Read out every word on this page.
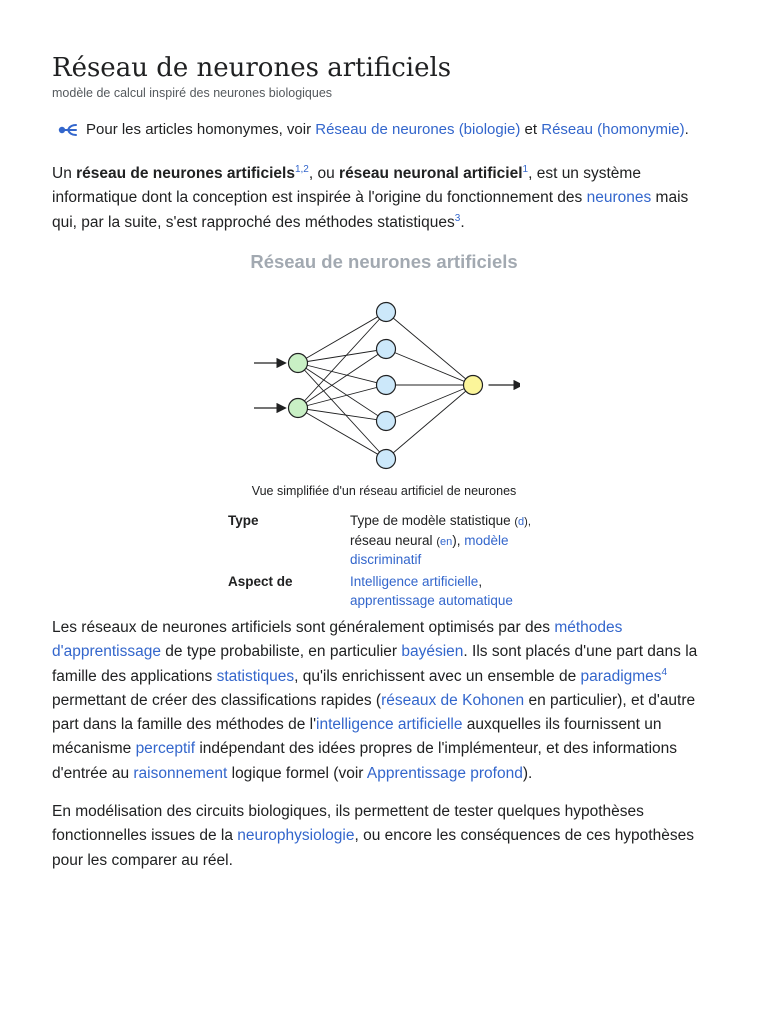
Réseau de neurones artificiels
modèle de calcul inspiré des neurones biologiques
Pour les articles homonymes, voir Réseau de neurones (biologie) et Réseau (homonymie).

Un réseau de neurones artificiels$^{1,2}$, ou réseau neuronal artificiel$^1$, est un système informatique dont la conception est inspirée à l'origine du fonctionnement des neurones mais qui, par la suite, s'est rapproché des méthodes statistiques$^3$.

Réseau de neurones artificiels
Vue simplifiée d'un réseau artificiel de neurones
Type	Type de modèle statistique (d),
réseau neural (en), modèle discriminatif
Aspect de	Intelligence artificielle,
apprentissage automatique

Les réseaux de neurones artificiels sont généralement optimisés par des méthodes d'apprentissage de type probabiliste, en particulier bayésien. Ils sont placés d'une part dans la famille des applications statistiques, qu'ils enrichissent avec un ensemble de paradigmes$^4$ permettant de créer des classifications rapides (réseaux de Kohonen en particulier), et d'autre part dans la famille des méthodes de l'intelligence artificielle auxquelles ils fournissent un mécanisme perceptif indépendant des idées propres de l'implémenteur, et des informations d'entrée au raisonnement logique formel (voir Apprentissage profond).

En modélisation des circuits biologiques, ils permettent de tester quelques hypothèses fonctionnelles issues de la neurophysiologie, ou encore les conséquences de ces hypothèses pour les comparer au réel.
